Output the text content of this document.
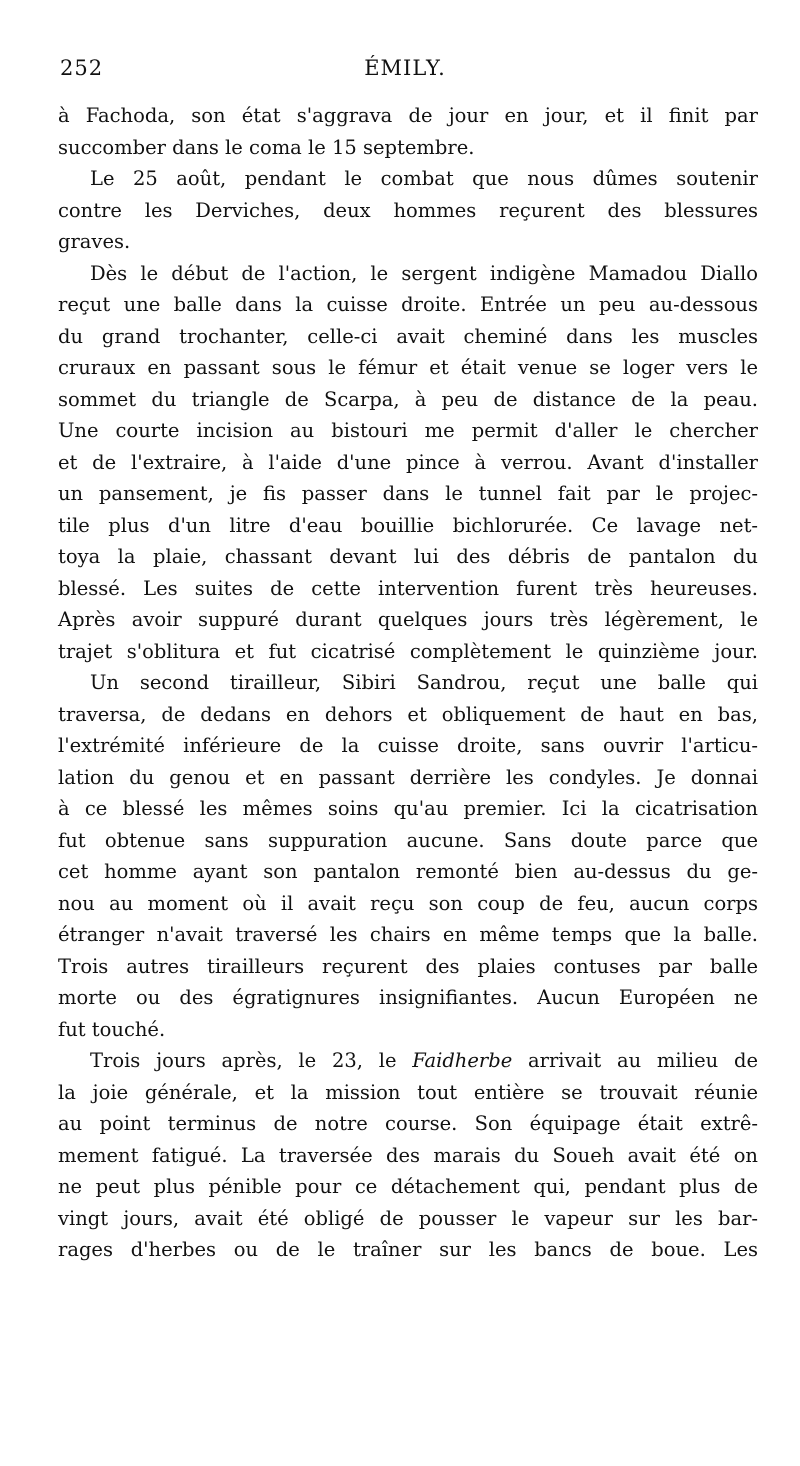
252	ÉMILY.
à Fachoda, son état s'aggrava de jour en jour, et il finit par
succomber dans le coma le 15 septembre.
Le 25 août, pendant le combat que nous dûmes soutenir
contre les Derviches, deux hommes reçurent des blessures
graves.
Dès le début de l'action, le sergent indigène Mamadou Diallo
reçut une balle dans la cuisse droite. Entrée un peu au-dessous
du grand trochanter, celle-ci avait cheminé dans les muscles
cruraux en passant sous le fémur et était venue se loger vers le
sommet du triangle de Scarpa, à peu de distance de la peau.
Une courte incision au bistouri me permit d'aller le chercher
et de l'extraire, à l'aide d'une pince à verrou. Avant d'installer
un pansement, je fis passer dans le tunnel fait par le projec-
tile plus d'un litre d'eau bouillie bichlorurée. Ce lavage net-
toya la plaie, chassant devant lui des débris de pantalon du
blessé. Les suites de cette intervention furent très heureuses.
Après avoir suppuré durant quelques jours très légèrement, le
trajet s'oblitura et fut cicatrisé complètement le quinzième jour.
Un second tirailleur, Sibiri Sandrou, reçut une balle qui
traversa, de dedans en dehors et obliquement de haut en bas,
l'extrémité inférieure de la cuisse droite, sans ouvrir l'articu-
lation du genou et en passant derrière les condyles. Je donnai
à ce blessé les mêmes soins qu'au premier. Ici la cicatrisation
fut obtenue sans suppuration aucune. Sans doute parce que
cet homme ayant son pantalon remonté bien au-dessus du ge-
nou au moment où il avait reçu son coup de feu, aucun corps
étranger n'avait traversé les chairs en même temps que la balle.
Trois autres tirailleurs reçurent des plaies contuses par balle
morte ou des égratignures insignifiantes. Aucun Européen ne
fut touché.
Trois jours après, le 23, le Faidherbe arrivait au milieu de
la joie générale, et la mission tout entière se trouvait réunie
au point terminus de notre course. Son équipage était extrê-
mement fatigué. La traversée des marais du Soueh avait été on
ne peut plus pénible pour ce détachement qui, pendant plus de
vingt jours, avait été obligé de pousser le vapeur sur les bar-
rages d'herbes ou de le traîner sur les bancs de boue. Les
